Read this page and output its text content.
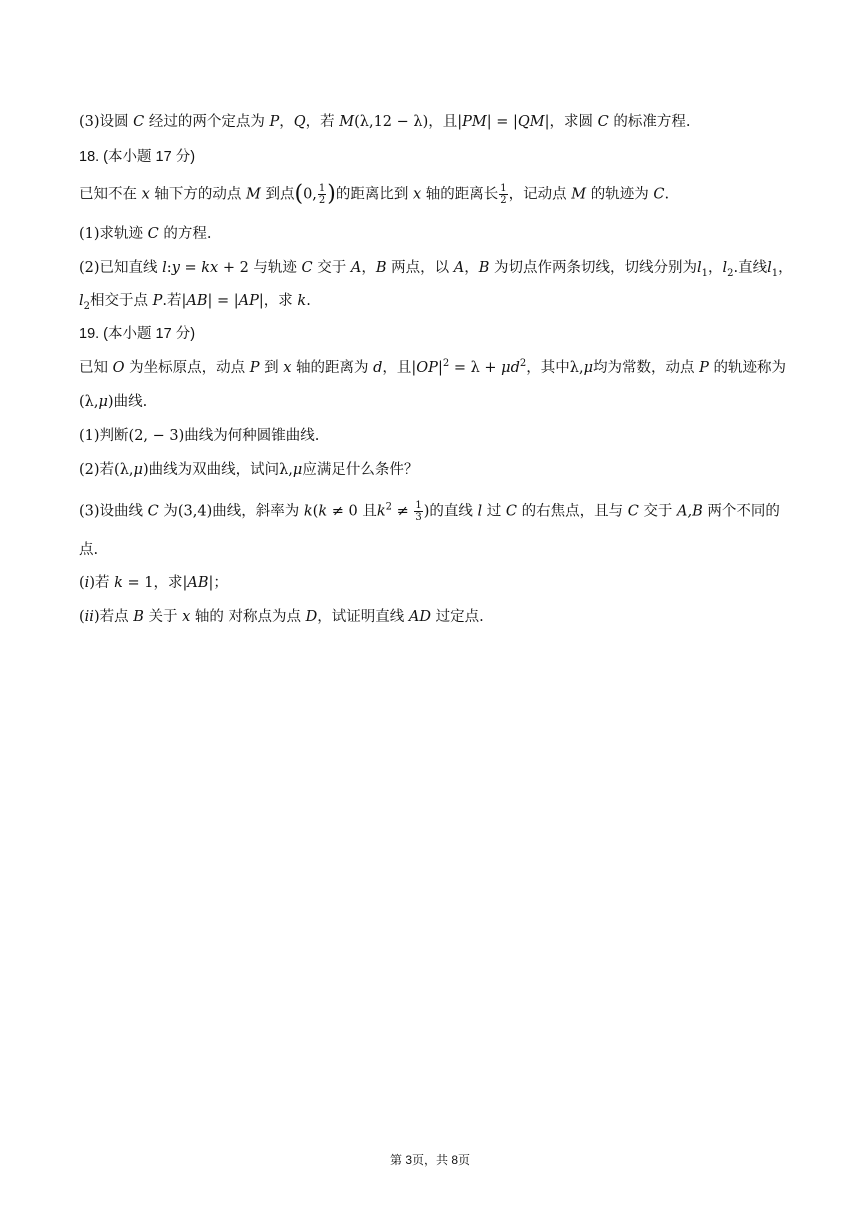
(3)设圆 C 经过的两个定点为 P，Q，若 M(λ,12 − λ)，且|PM| = |QM|，求圆 C 的标准方程.
18. (本小题 17 分)
已知不在 x 轴下方的动点 M 到点(0, $\frac{1}{2}$ )的距离比到 x 轴的距离长 $\frac{1}{2}$ ，记动点 M 的轨迹为 C.
(1)求轨迹 C 的方程.
(2)已知直线 l:y = kx + 2 与轨迹 C 交于 A，B 两点，以 A，B 为切点作两条切线，切线分别为$l_1$，$l_2$.直线$l_1$，
$l_2$相交于点 P.若|AB| = |AP|，求 k.
19. (本小题 17 分)
已知 O 为坐标原点，动点 P 到 x 轴的距离为 d，且$|OP|^2 = \lambda + \mu d^2$，其中λ,μ均为常数，动点 P 的轨迹称为
(λ,μ)曲线.
(1)判断(2, − 3)曲线为何种圆锥曲线.
(2)若(λ,μ)曲线为双曲线，试问λ,μ应满足什么条件？
(3)设曲线 C 为(3,4)曲线，斜率为 k(k ≠ 0 且$k^2 \ne \frac{1}{3}$ )的直线 l 过 C 的右焦点，且与 C 交于 A,B 两个不同的
点.
(i)若 k = 1，求|AB|；
(ii)若点 B 关于 x 轴的 对称点为点 D，试证明直线 AD 过定点.
第 3页，共 8页
